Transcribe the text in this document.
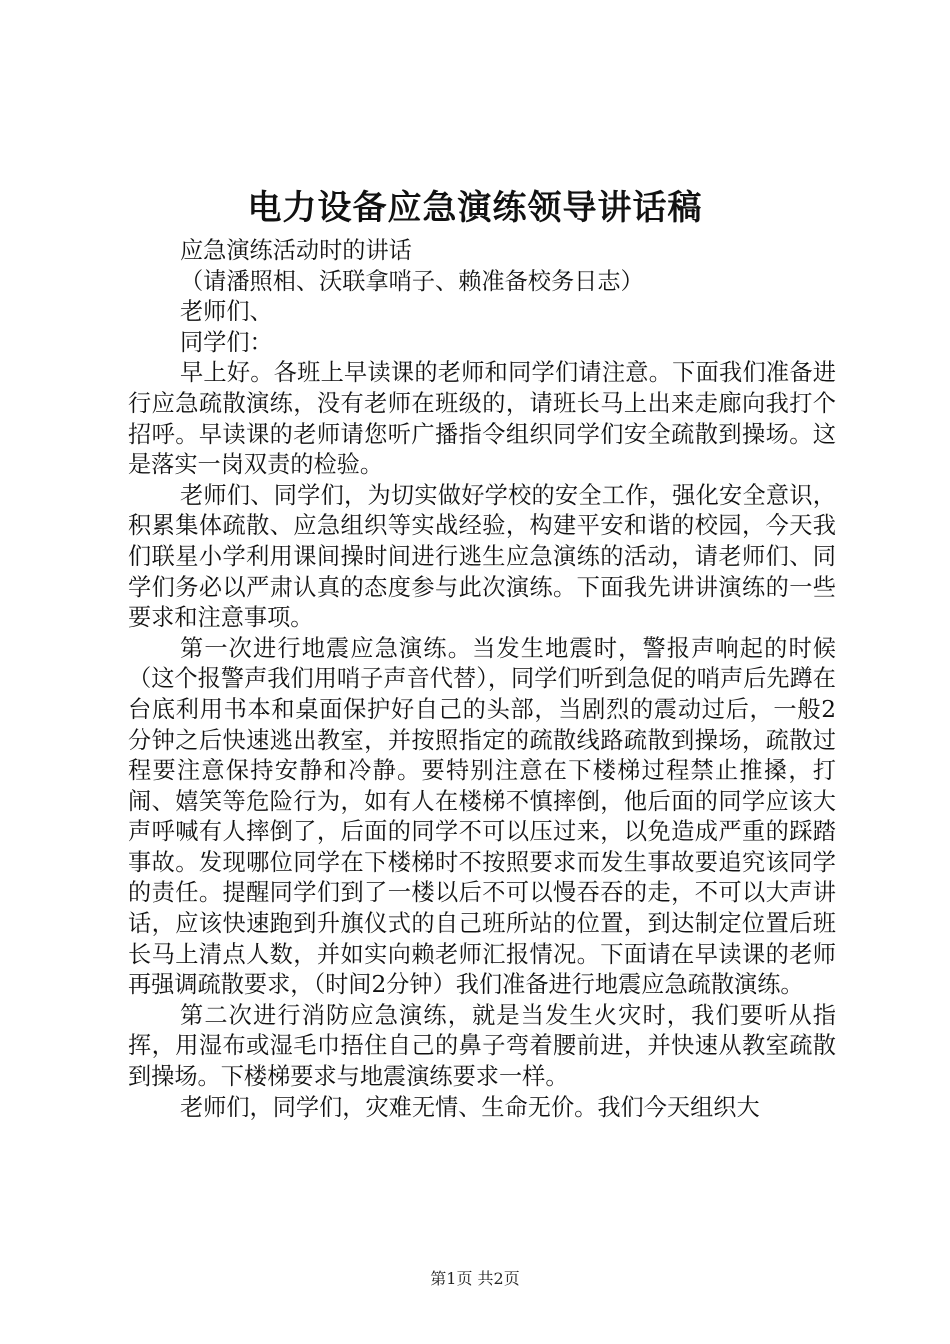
电力设备应急演练领导讲话稿

应急演练活动时的讲话

（请潘照相、沃联拿哨子、赖准备校务日志）

老师们、

同学们：

早上好。各班上早读课的老师和同学们请注意。下面我们准备进行应急疏散演练，没有老师在班级的，请班长马上出来走廊向我打个招呼。早读课的老师请您听广播指令组织同学们安全疏散到操场。这是落实一岗双责的检验。

老师们、同学们，为切实做好学校的安全工作，强化安全意识，积累集体疏散、应急组织等实战经验，构建平安和谐的校园，今天我们联星小学利用课间操时间进行逃生应急演练的活动，请老师们、同学们务必以严肃认真的态度参与此次演练。下面我先讲讲演练的一些要求和注意事项。

第一次进行地震应急演练。当发生地震时，警报声响起的时候（这个报警声我们用哨子声音代替），同学们听到急促的哨声后先蹲在台底利用书本和桌面保护好自己的头部，当剧烈的震动过后，一般2分钟之后快速逃出教室，并按照指定的疏散线路疏散到操场，疏散过程要注意保持安静和冷静。要特别注意在下楼梯过程禁止推搡，打闹、嬉笑等危险行为，如有人在楼梯不慎摔倒，他后面的同学应该大声呼喊有人摔倒了，后面的同学不可以压过来，以免造成严重的踩踏事故。发现哪位同学在下楼梯时不按照要求而发生事故要追究该同学的责任。提醒同学们到了一楼以后不可以慢吞吞的走，不可以大声讲话，应该快速跑到升旗仪式的自己班所站的位置，到达制定位置后班长马上清点人数，并如实向赖老师汇报情况。下面请在早读课的老师再强调疏散要求，（时间2分钟）我们准备进行地震应急疏散演练。

第二次进行消防应急演练，就是当发生火灾时，我们要听从指挥，用湿布或湿毛巾捂住自己的鼻子弯着腰前进，并快速从教室疏散到操场。下楼梯要求与地震演练要求一样。

老师们，同学们，灾难无情、生命无价。我们今天组织大

第1页 共2页
